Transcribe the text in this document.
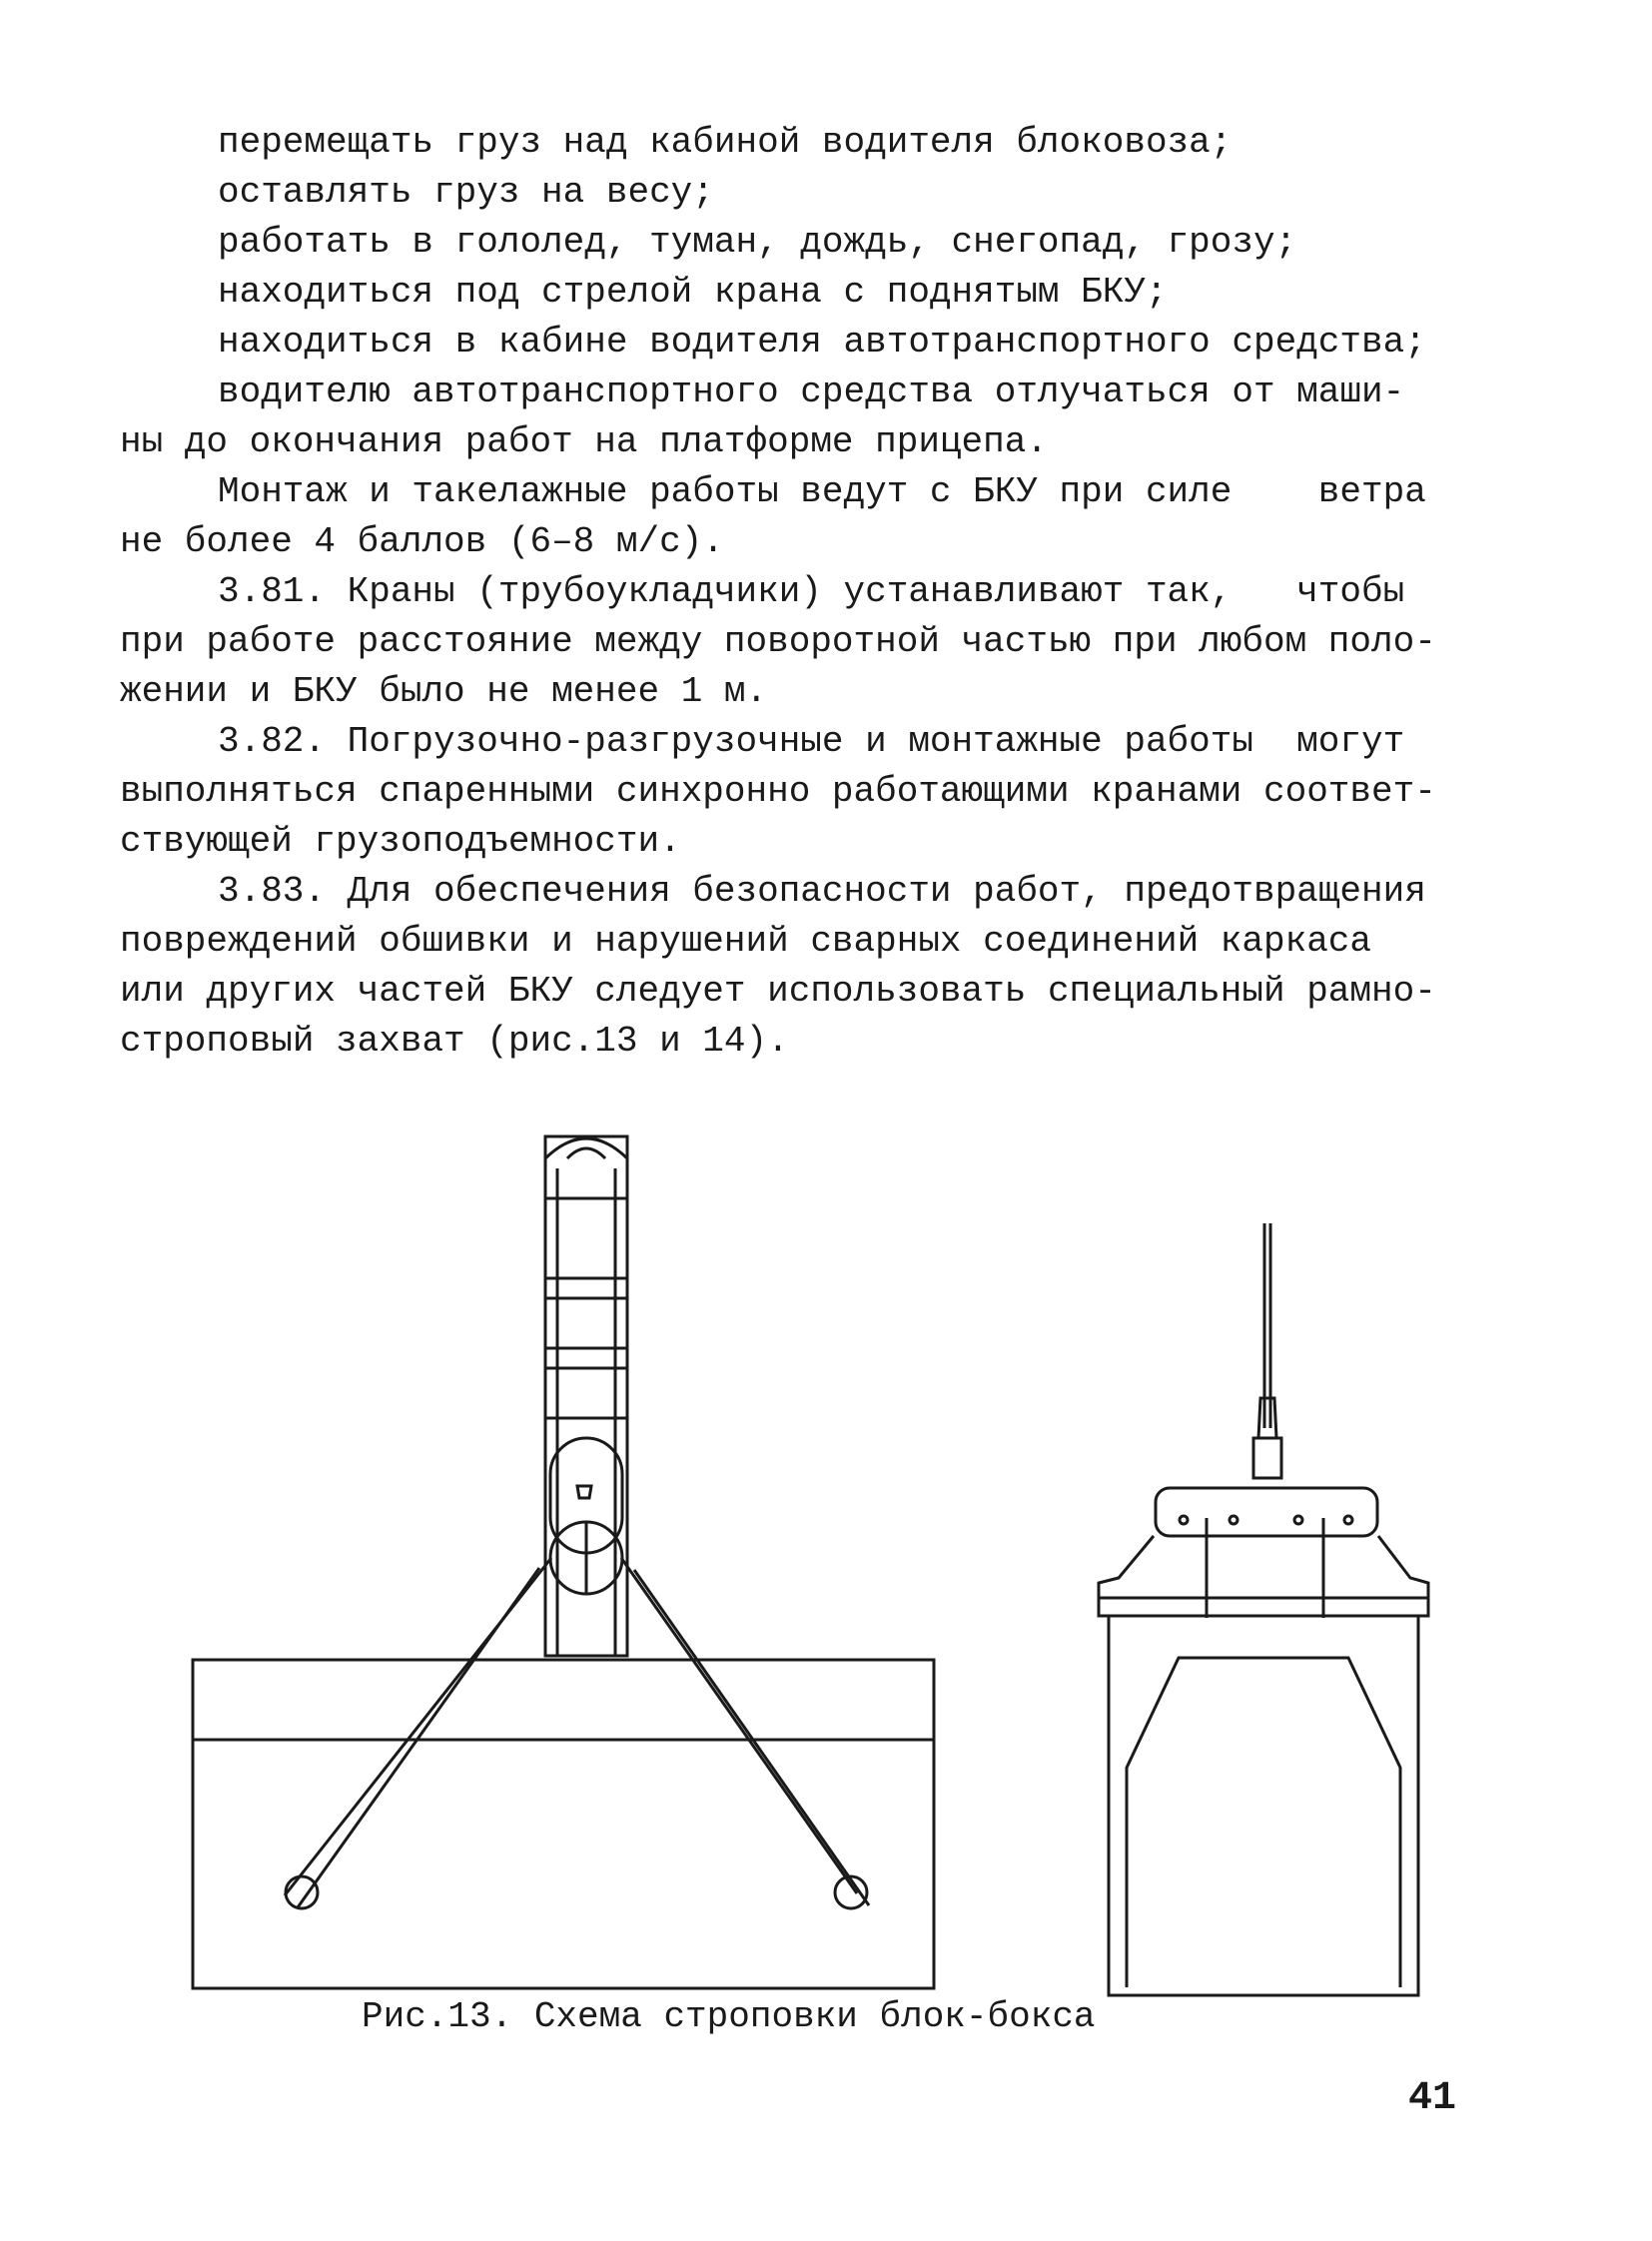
перемещать груз над кабиной водителя блоковоза;
оставлять груз на весу;
работать в гололед, туман, дождь, снегопад, грозу;
находиться под стрелой крана с поднятым БКУ;
находиться в кабине водителя автотранспортного средства;
водителю автотранспортного средства отлучаться от маши-
ны до окончания работ на платформе прицепа.
Монтаж и такелажные работы ведут с БКУ при силе    ветра
не более 4 баллов (6–8 м/с).
3.81. Краны (трубоукладчики) устанавливают так,   чтобы
при работе расстояние между поворотной частью при любом поло-
жении и БКУ было не менее 1 м.
3.82. Погрузочно-разгрузочные и монтажные работы  могут
выполняться спаренными синхронно работающими кранами соответ-
ствующей грузоподъемности.
3.83. Для обеспечения безопасности работ, предотвращения
повреждений обшивки и нарушений сварных соединений каркаса
или других частей БКУ следует использовать специальный рамно-
строповый захват (рис.13 и 14).
Рис.13. Схема строповки блок-бокса
41
